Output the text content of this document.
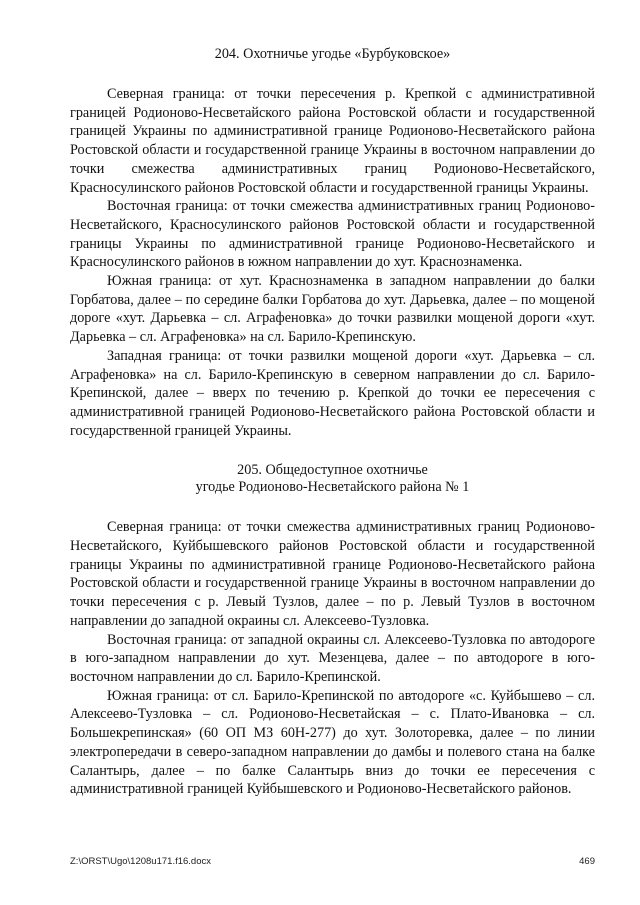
204. Охотничье угодье «Бурбуковское»

Северная граница: от точки пересечения р. Крепкой с административной границей Родионово-Несветайского района Ростовской области и государственной границей Украины по административной границе Родионово-Несветайского района Ростовской области и государственной границе Украины в восточном направлении до точки смежества административных границ Родионово-Несветайского, Красносулинского районов Ростовской области и государственной границы Украины.

Восточная граница: от точки смежества административных границ Родионово-Несветайского, Красносулинского районов Ростовской области и государственной границы Украины по административной границе Родионово-Несветайского и Красносулинского районов в южном направлении до хут. Краснознаменка.

Южная граница: от хут. Краснознаменка в западном направлении до балки Горбатова, далее – по середине балки Горбатова до хут. Дарьевка, далее – по мощеной дороге «хут. Дарьевка – сл. Аграфеновка» до точки развилки мощеной дороги «хут. Дарьевка – сл. Аграфеновка» на сл. Барило-Крепинскую.

Западная граница: от точки развилки мощеной дороги «хут. Дарьевка – сл. Аграфеновка» на сл. Барило-Крепинскую в северном направлении до сл. Барило-Крепинской, далее – вверх по течению р. Крепкой до точки ее пересечения с административной границей Родионово-Несветайского района Ростовской области и государственной границей Украины.

205. Общедоступное охотничье
угодье Родионово-Несветайского района № 1

Северная граница: от точки смежества административных границ Родионово-Несветайского, Куйбышевского районов Ростовской области и государственной границы Украины по административной границе Родионово-Несветайского района Ростовской области и государственной границе Украины в восточном направлении до точки пересечения с р. Левый Тузлов, далее – по р. Левый Тузлов в восточном направлении до западной окраины сл. Алексеево-Тузловка.

Восточная граница: от западной окраины сл. Алексеево-Тузловка по автодороге в юго-западном направлении до хут. Мезенцева, далее – по автодороге в юго-восточном направлении до сл. Барило-Крепинской.

Южная граница: от сл. Барило-Крепинской по автодороге «с. Куйбышево – сл. Алексеево-Тузловка – сл. Родионово-Несветайская – с. Плато-Ивановка – сл. Большекрепинская» (60 ОП МЗ 60Н-277) до хут. Золоторевка, далее – по линии электропередачи в северо-западном направлении до дамбы и полевого стана на балке Салантырь, далее – по балке Салантырь вниз до точки ее пересечения с административной границей Куйбышевского и Родионово-Несветайского районов.

Z:\ORST\Ugo\1208u171.f16.docx	469
